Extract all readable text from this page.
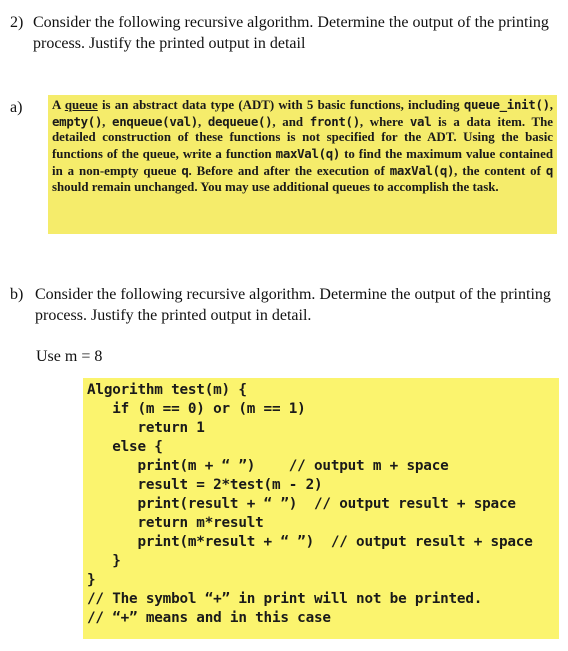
2) Consider the following recursive algorithm. Determine the output of the printing process. Justify the printed output in detail
a)	A queue is an abstract data type (ADT) with 5 basic functions, including queue_init(), empty(), enqueue(val), dequeue(), and front(), where val is a data item. The detailed construction of these functions is not specified for the ADT. Using the basic functions of the queue, write a function maxVal(q) to find the maximum value contained in a non-empty queue q. Before and after the execution of maxVal(q), the content of q should remain unchanged. You may use additional queues to accomplish the task.
b) Consider the following recursive algorithm. Determine the output of the printing process. Justify the printed output in detail.
Use m = 8
Algorithm test(m) {
if (m == 0) or (m == 1)
return 1
else {
print(m + “ ”)    // output m + space
result = 2*test(m - 2)
print(result + “ ”)  // output result + space
return m*result
print(m*result + “ ”)  // output result + space
}
}
// The symbol “+” in print will not be printed.
// “+” means and in this case
